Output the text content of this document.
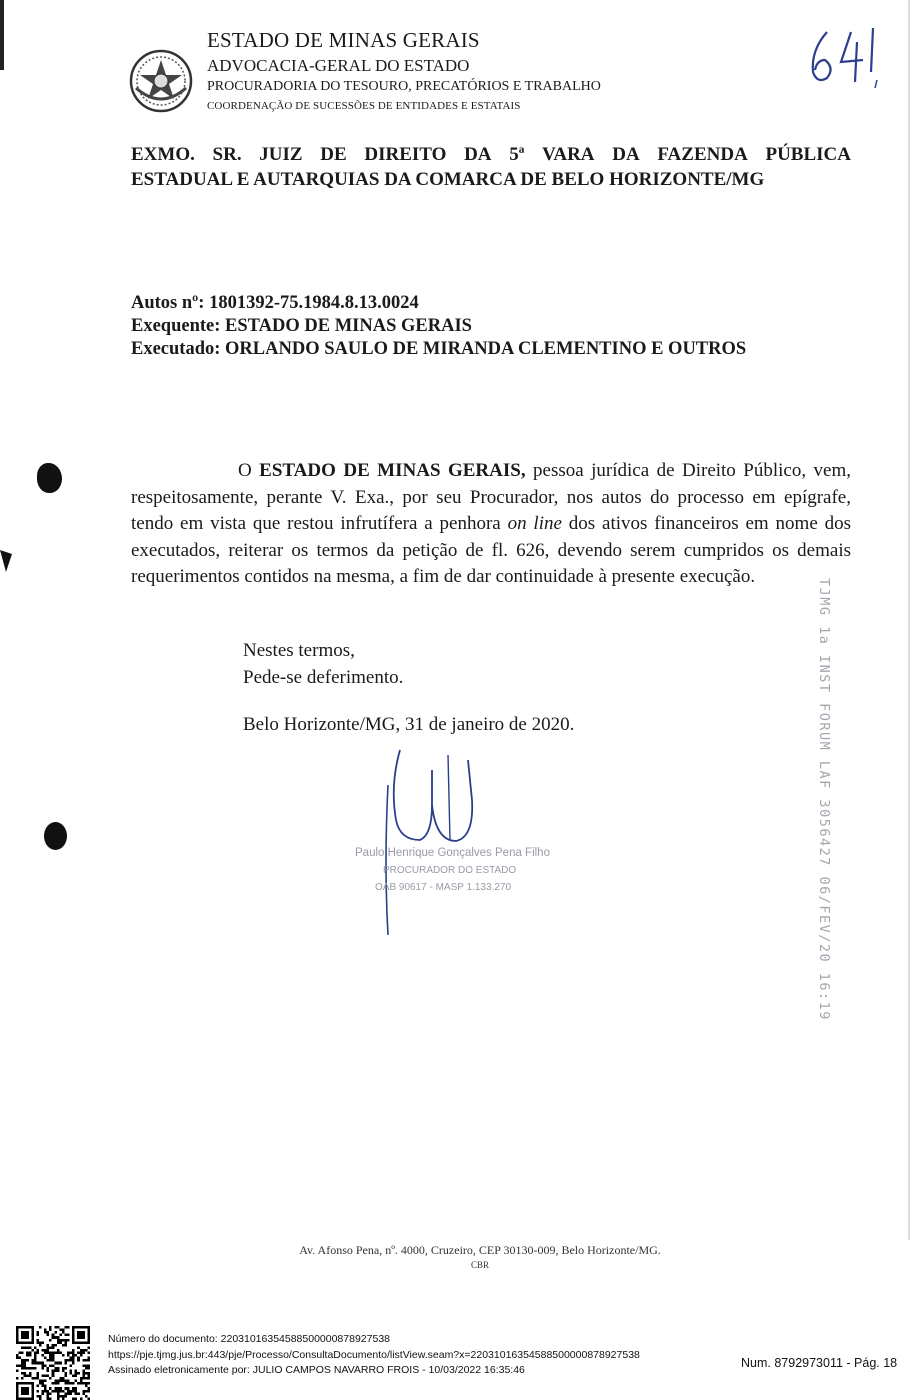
ESTADO DE MINAS GERAIS
ADVOCACIA-GERAL DO ESTADO
PROCURADORIA DO TESOURO, PRECATÓRIOS E TRABALHO
COORDENAÇÃO DE SUCESSÕES DE ENTIDADES E ESTATAIS
EXMO. SR. JUIZ DE DIREITO DA 5ª VARA DA FAZENDA PÚBLICA
ESTADUAL E AUTARQUIAS DA COMARCA DE BELO HORIZONTE/MG
Autos nº: 1801392-75.1984.8.13.0024
Exequente: ESTADO DE MINAS GERAIS
Executado: ORLANDO SAULO DE MIRANDA CLEMENTINO E OUTROS
O ESTADO DE MINAS GERAIS, pessoa jurídica de Direito Público, vem, respeitosamente, perante V. Exa., por seu Procurador, nos autos do processo em epígrafe, tendo em vista que restou infrutífera a penhora on line dos ativos financeiros em nome dos executados, reiterar os termos da petição de fl. 626, devendo serem cumpridos os demais requerimentos contidos na mesma, a fim de dar continuidade à presente execução.
Nestes termos,
Pede-se deferimento.
Belo Horizonte/MG, 31 de janeiro de 2020.
Paulo Henrique Gonçalves Pena Filho
PROCURADOR DO ESTADO
OAB 90617 - MASP 1.133.270	TJMG 1a INST FORUM LAF 3056427 06/FEV/20 16:19
Av. Afonso Pena, nº. 4000, Cruzeiro, CEP 30130-009, Belo Horizonte/MG.
CBR
Número do documento: 22031016354588500000878927538
https://pje.tjmg.jus.br:443/pje/Processo/ConsultaDocumento/listView.seam?x=22031016354588500000878927538
Assinado eletronicamente por: JULIO CAMPOS NAVARRO FROIS - 10/03/2022 16:35:46	Num. 8792973011 - Pág. 18
